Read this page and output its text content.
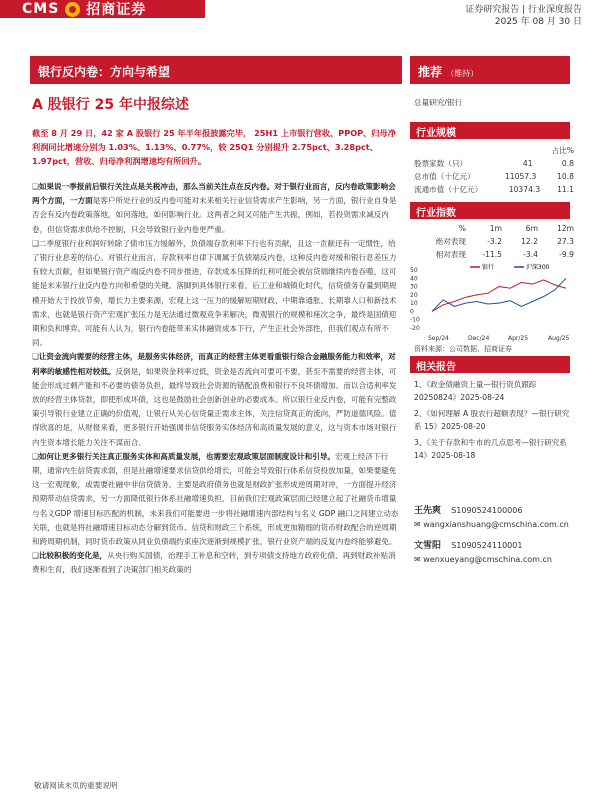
CMS 招商证券	证券研究报告 | 行业深度报告
2025 年 08 月 30 日
银行反内卷：方向与希望	推荐 （维持）
A 股银行 25 年中报综述	总量研究/银行
截至 8 月 29 日，42 家 A 股银行 25 年半年报披露完毕， 25H1 上市银行营收、PPOP、归母净利润同比增速分别为 1.03%、1.13%、0.77%，较 25Q1 分别提升 2.75pct、3.28pct、1.97pct，营收、归母净利润增速均有所回升。

❑如果说一季报前后银行关注点是关税冲击，那么当前关注点在反内卷。对于银行业而言，反内卷政策影响会两个方面，一方面是客户所处行业的反内卷可能对未来相关行业信贷需求产生影响，另一方面，银行业自身是否会有反内卷政策落地，如何落地，如何影响行业。这两者之间又可能产生共振，例如，若投资需求减反内卷，但信贷需求供给不控制，只会导致银行业内卷更严重。

❑二季度银行业利润好转除了债市压力缓解外，负债端存款利率下行也有贡献，且这一贡献还有一定惯性，给了银行业息差的信心。对银行业而言，存款利率自律下调属于负债端反内卷，这种反内卷对缓和银行息差压力有较大贡献，但如果银行资产端反内卷不同步推进，存款成本压降的红利可能会被信贷端继续内卷吞噬，这可能是未来银行业反内卷方向和希望的关键。落脚到具体银行来看，后工业和城镇化时代，信贷债务存量到期规模开始大于投放节奏，增长力主要来源，宏观上这一压力的缓解短期财政、中期靠通胀、长期靠人口和新技术需求，也就是银行资产宏观扩张压力是无法通过微观竞争来解决，微观银行的规模和座次之争，最终是国债迎期和负和博弈。可能有人认为，银行内卷能带来实体融资成本下行，产生正社会外部性，但我们观点有所不同。

❑让资金流向需要的经营主体，是服务实体经济，而真正的经营主体更看重银行综合金融服务能力和效率，对利率的敏感性相对较低。反倒是，如果资金利率过低，资金是否流向可要可不要，甚至不需要的经营主体，可能会形成过剩产能和不必要的债务负担，最终导致社会资源的错配浪费和银行不良坏债增加。而以合适利率发放的经营主体贷款，即使形成坏债，这也是鼓励社会创新创业的必要成本。所以银行业反内卷，可能有完整政策引导银行业建立正确的价值观，让银行从关心信贷量正需求主体，关注信贷真正的流向，严防道德风险。值得欣喜的是，从财报来看，更多银行开始强调非信贷服务实体经济和高质量发展的意义，这与资本市场对银行内生资本增长能力关注不谋而合。

❑如何让更多银行关注真正服务实体和高质量发展，也需要宏观政策层面制度设计和引导。宏观上经济下行期，通常内生信贷需求弱，但是社融增速要求信贷供给增长，可能会导致银行体系信贷投放加量，如果要避免这一宏观现象，或需要社融中非信贷债务。主要是政府债务也就是财政扩张形成逆周期对冲，一方面提升经济预期带动信贷需求，另一方面降低银行体系社融增速负担，目前我们宏观政策层面已经建立起了社融货币增量与名义GDP 增速目标匹配的机制，未来我们可能要进一步将社融增速内部结构与名义 GDP 融口之间建立动态关联，也就是将社融增速目标动态分解到货币、信贷和财政三个系统，形成更加精细的货币财政配合的逆周期和跨周期机制，同时货币政策从同业负债端约束座次逐渐到规模扩张，银行业资产端的反复内卷终能够避免。

❑比较积极的变化是，从央行购买国债，治理手工补息和空转，到专项债支持地方政府化债、再到财政补贴消费和生育，我们逐渐看到了决策部门相关政策的

行业规模
占比%
股票家数（只）	41	0.8
总市值（十亿元）	11057.3	10.8
流通市值（十亿元）	10374.3	11.1
行业指数
%	1m	6m	12m
绝对表现	-3.2	12.2	27.3
相对表现	-11.5	-3.4	-9.9
50
40
30
20
10
0
-10
-20
银行	沪深300
Sep/24	Dec/24	Apr/25	Aug/25
资料来源：公司数据、招商证券
相关报告
1、《政金债融资上量—银行资负跟踪 20250824》2025-08-24
2、《如何理解 A 股农行超额表现？—银行研究系 15》2025-08-20
3、《关于存款和牛市的几点思考—银行研究系 14》2025-08-18
王先爽 S1090524100006
✉ wangxianshuang@cmschina.com.cn
文雪阳 S1090524110001
✉ wenxueyang@cmschina.com.cn
敬请阅读末页的重要说明
